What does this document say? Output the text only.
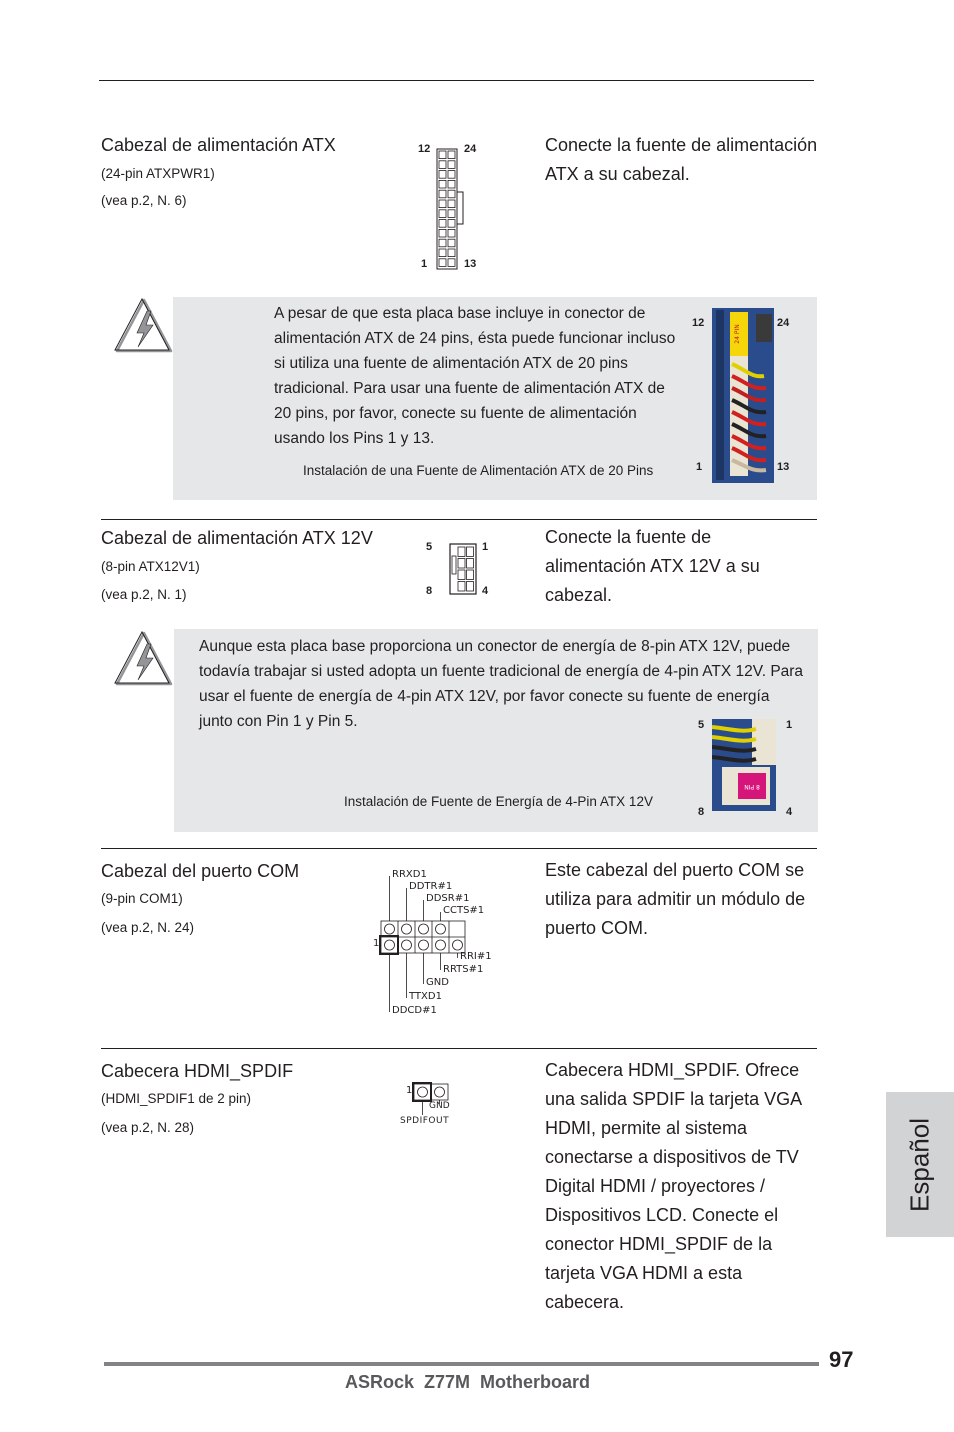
Cabezal de alimentación ATX
(24-pin ATXPWR1)
(vea p.2, N. 6)
12	24
1	13
Conecte la fuente de alimentación ATX a su cabezal.
A pesar de que esta placa base incluye in conector de alimentación ATX de 24 pins, ésta puede funcionar incluso si utiliza una fuente de alimentación ATX de 20 pins tradicional. Para usar una fuente de alimentación ATX de 20 pins, por favor, conecte su fuente de alimentación usando los Pins 1 y 13.
Instalación de una Fuente de Alimentación ATX de 20 Pins
12	24
1	13
24 PIN
Cabezal de alimentación ATX 12V
(8-pin ATX12V1)
(vea p.2, N. 1)
5	1
8	4
Conecte la fuente de alimentación ATX 12V a su cabezal.
Aunque esta placa base proporciona un conector de energía de 8-pin ATX 12V, puede todavía trabajar si usted adopta un fuente tradicional de energía de 4-pin ATX 12V. Para usar el fuente de energía de 4-pin ATX 12V, por favor conecte su fuente de energía junto con Pin 1 y Pin 5.
Instalación de Fuente de Energía de 4-Pin ATX 12V
5	1
8	4
8 PIN
Cabezal del puerto COM
(9-pin COM1)
(vea p.2, N. 24)
1
RRXD1
DDTR#1
DDSR#1
CCTS#1
RRI#1
RRTS#1
GND
TTXD1
DDCD#1
Este cabezal del puerto COM se utiliza para admitir un módulo de puerto COM.
Cabecera HDMI_SPDIF
(HDMI_SPDIF1 de 2 pin)
(vea p.2, N. 28)
1
GND
SPDIFOUT
Cabecera HDMI_SPDIF. Ofrece una salida SPDIF la tarjeta VGA HDMI, permite al sistema conectarse a dispositivos de TV Digital HDMI / proyectores / Dispositivos LCD. Conecte el conector HDMI_SPDIF de la tarjeta VGA HDMI a esta cabecera.
Español
97
ASRock  Z77M  Motherboard
